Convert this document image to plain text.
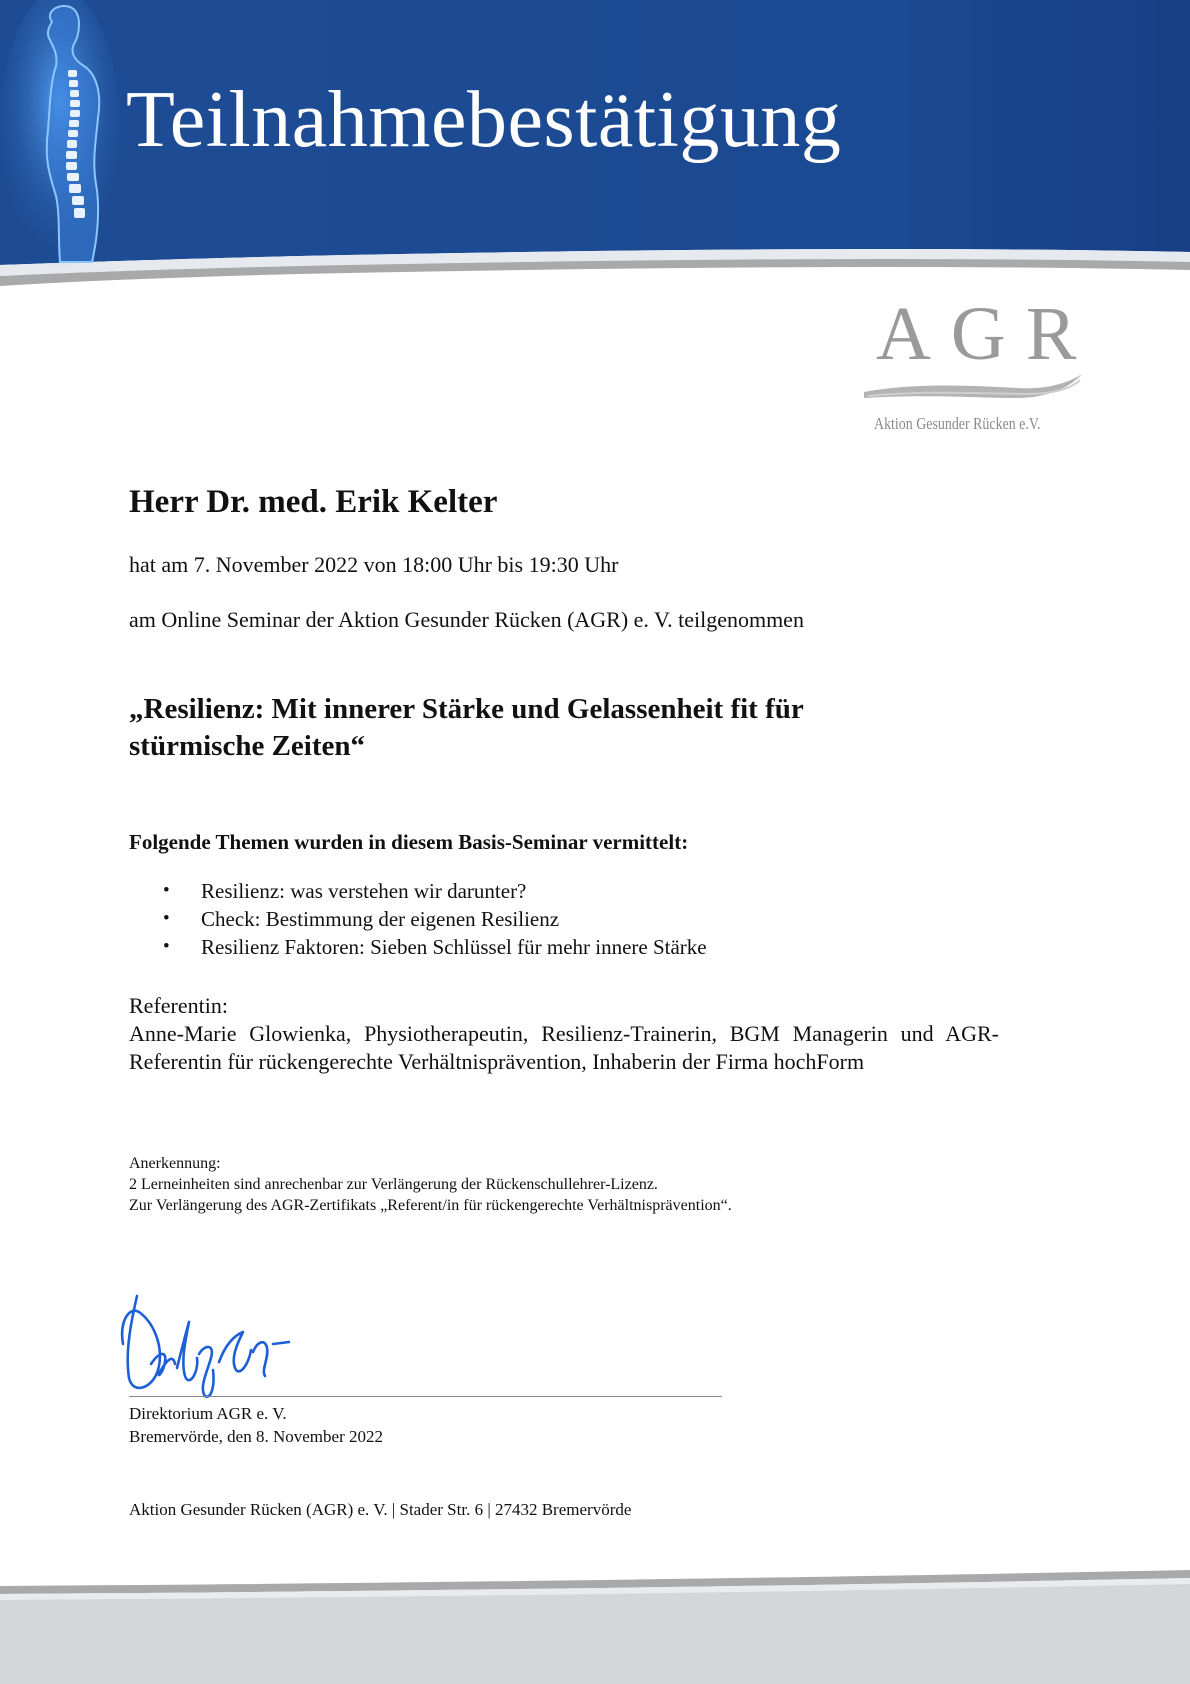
Teilnahmebestätigung
AGR
Aktion Gesunder Rücken e.V.
Herr Dr. med. Erik Kelter
hat am 7. November 2022 von 18:00 Uhr bis 19:30 Uhr
am Online Seminar der Aktion Gesunder Rücken (AGR) e. V. teilgenommen
„Resilienz: Mit innerer Stärke und Gelassenheit fit für stürmische Zeiten“
Folgende Themen wurden in diesem Basis-Seminar vermittelt:
• Resilienz: was verstehen wir darunter?
• Check: Bestimmung der eigenen Resilienz
• Resilienz Faktoren: Sieben Schlüssel für mehr innere Stärke
Referentin:
Anne-Marie Glowienka, Physiotherapeutin, Resilienz-Trainerin, BGM Managerin und AGR-Referentin für rückengerechte Verhältnisprävention, Inhaberin der Firma hochForm
Anerkennung:
2 Lerneinheiten sind anrechenbar zur Verlängerung der Rückenschullehrer-Lizenz.
Zur Verlängerung des AGR-Zertifikats „Referent/in für rückengerechte Verhältnisprävention“.
Direktorium AGR e. V.
Bremervörde, den 8. November 2022
Aktion Gesunder Rücken (AGR) e. V. | Stader Str. 6 | 27432 Bremervörde
